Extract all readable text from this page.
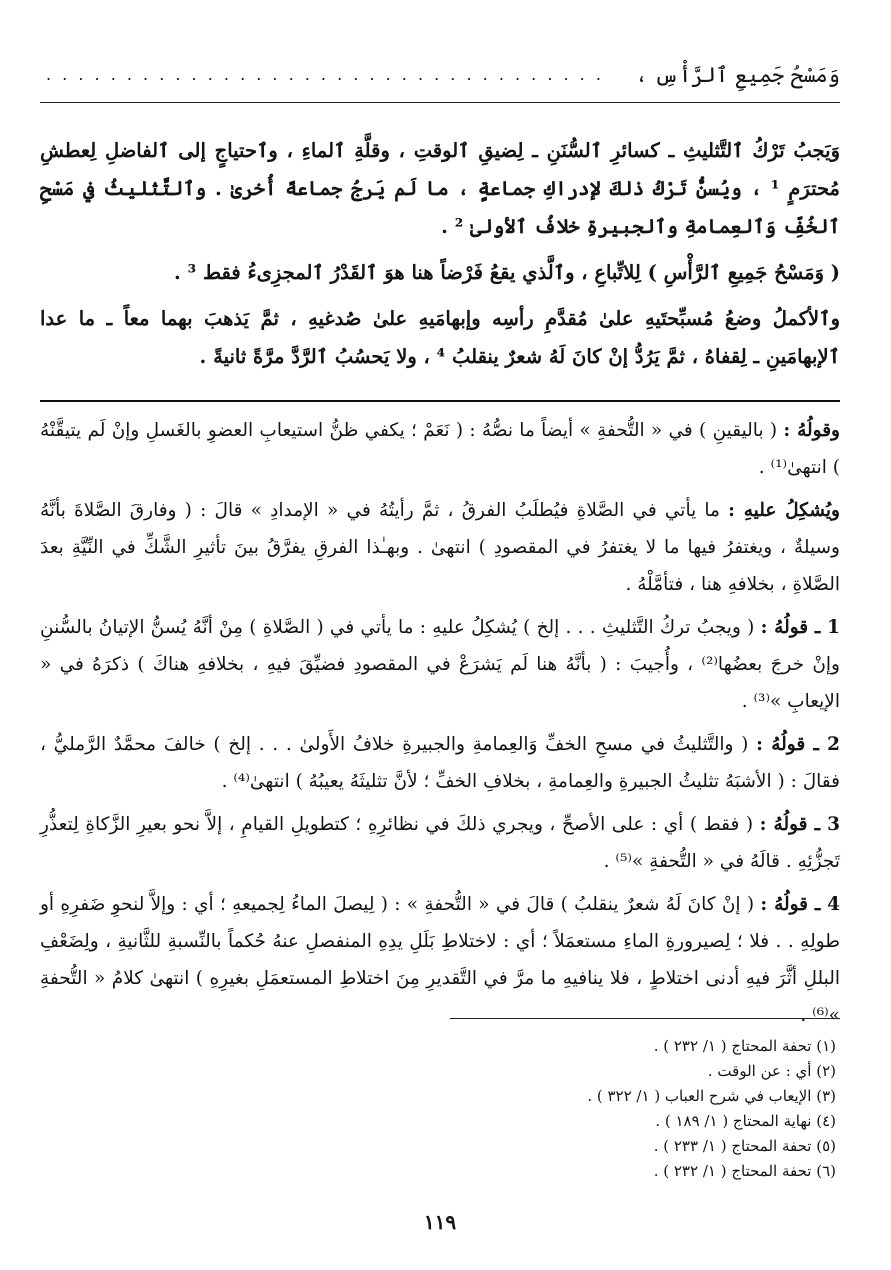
وَمَسْحُ جَمِيعِ ٱلرَّأْسِ ،
. . . . . . . . . . . . . . . . . . . . . . . . . . . . . . . . . . .

وَيَجبُ تَرْكُ ٱلتَّثليثِ ـ كسائرِ ٱلسُّنَنِ ـ لِضيقِ ٱلوقتِ ، وقلَّةِ ٱلماءِ ، وٱحتياجٍ إلى ٱلفاضلِ لِعطشِ مُحترَمٍ ¹ ، ويُسنُّ تَرْكُ ذلكَ لإدراكِ جماعةٍ ، ما لَم يَرجُ جماعةً أُخرىٰ . وٱلتَّثليثُ في مَسْحِ ٱلخُفِّ وَٱلعِمامةِ وٱلجبيرةِ خلافُ ٱلأولىٰ ² .

( وَمَسْحُ جَمِيعِ ٱلرَّأْسِ ) لِلاتِّباعِ ، وٱلَّذي يقعُ فَرْضاً هنا هوَ ٱلقَدْرُ ٱلمجزِىءُ فقط ³ .

وٱلأكملُ وضعُ مُسبِّحتَيهِ علىٰ مُقدَّمِ رأسِه وإبهامَيهِ علىٰ صُدغيهِ ، ثمَّ يَذهبَ بهما معاً ـ ما عدا ٱلإبهامَينِ ـ لِقفاهُ ، ثمَّ يَرُدُّ إنْ كانَ لَهُ شعرٌ ينقلبُ ⁴ ، ولا يَحسُبُ ٱلرَّدَّ مرَّةً ثانيةً .

وقولُهُ : ( باليقينِ ) في « التُّحفةِ » أيضاً ما نصُّهُ : ( نَعَمْ ؛ يكفي ظنُّ استيعابِ العضوِ بالغَسلِ وإنْ لَم يتيقَّنْهُ ) انتهىٰ⁽¹⁾ .

ويُشكِلُ عليهِ : ما يأتي في الصَّلاةِ فيُطلَبُ الفرقُ ، ثمَّ رأيتُهُ في « الإمدادِ » قالَ : ( وفارقَ الصَّلاةَ بأنَّهُ وسيلةٌ ، ويغتفرُ فيها ما لا يغتفرُ في المقصودِ ) انتهىٰ . وبهـٰذا الفرقِ يفرَّقُ بينَ تأثيرِ الشَّكِّ في النِّيَّةِ بعدَ الصَّلاةِ ، بخلافهِ هنا ، فتأمَّلْهُ .

1 ـ قولُهُ : ( ويجبُ تركُ التَّثليثِ . . . إلخ ) يُشكِلُ عليهِ : ما يأتي في ( الصَّلاةِ ) مِنْ أنَّهُ يُسنُّ الإتيانُ بالسُّننِ وإنْ خرجَ بعضُها⁽²⁾ ، وأُجيبَ : ( بأنَّهُ هنا لَم يَشرَعْ في المقصودِ فضيِّقَ فيهِ ، بخلافهِ هناكَ ) ذكرَهُ في « الإيعابِ »⁽³⁾ .

2 ـ قولُهُ : ( والتَّثليثُ في مسحِ الخفِّ وَالعِمامةِ والجبيرةِ خلافُ الأَولىٰ . . . إلخ ) خالفَ محمَّدٌ الرَّمليُّ ، فقالَ : ( الأشبَهُ تثليثُ الجبيرةِ والعِمامةِ ، بخلافِ الخفِّ ؛ لأنَّ تثليثَهُ يعيبُهُ ) انتهىٰ⁽⁴⁾ .

3 ـ قولُهُ : ( فقط ) أي : على الأصحِّ ، ويجري ذلكَ في نظائرِهِ ؛ كتطويلِ القيامِ ، إلاَّ نحو بعيرِ الزَّكاةِ لِتعذُّرِ تَجزُّئِهِ . قالَهُ في « التُّحفةِ »⁽⁵⁾ .

4 ـ قولُهُ : ( إنْ كانَ لَهُ شعرٌ ينقلبُ ) قالَ في « التُّحفةِ » : ( لِيصلَ الماءُ لِجميعهِ ؛ أي : وإلاَّ لنحوِ ضَفرِهِ أو طولِهِ . . فلا ؛ لِصيرورةِ الماءِ مستعمَلاً ؛ أي : لاختلاطِ بَلَلِ يدِهِ المنفصلِ عنهُ حُكماً بالنِّسبةِ للثَّانيةِ ، ولِضَعْفِ البللِ أثَّرَ فيهِ أدنى اختلاطٍ ، فلا ينافيهِ ما مرَّ في التَّقديرِ مِنَ اختلاطِ المستعمَلِ بغيرِهِ ) انتهىٰ كلامُ « التُّحفةِ »⁽⁶⁾ .

(١) تحفة المحتاج ( ١/ ٢٣٢ ) .
(٢) أي : عن الوقت .
(٣) الإيعاب في شرح العباب ( ١/ ٣٢٢ ) .
(٤) نهاية المحتاج ( ١/ ١٨٩ ) .
(٥) تحفة المحتاج ( ١/ ٢٣٣ ) .
(٦) تحفة المحتاج ( ١/ ٢٣٢ ) .
١١٩
